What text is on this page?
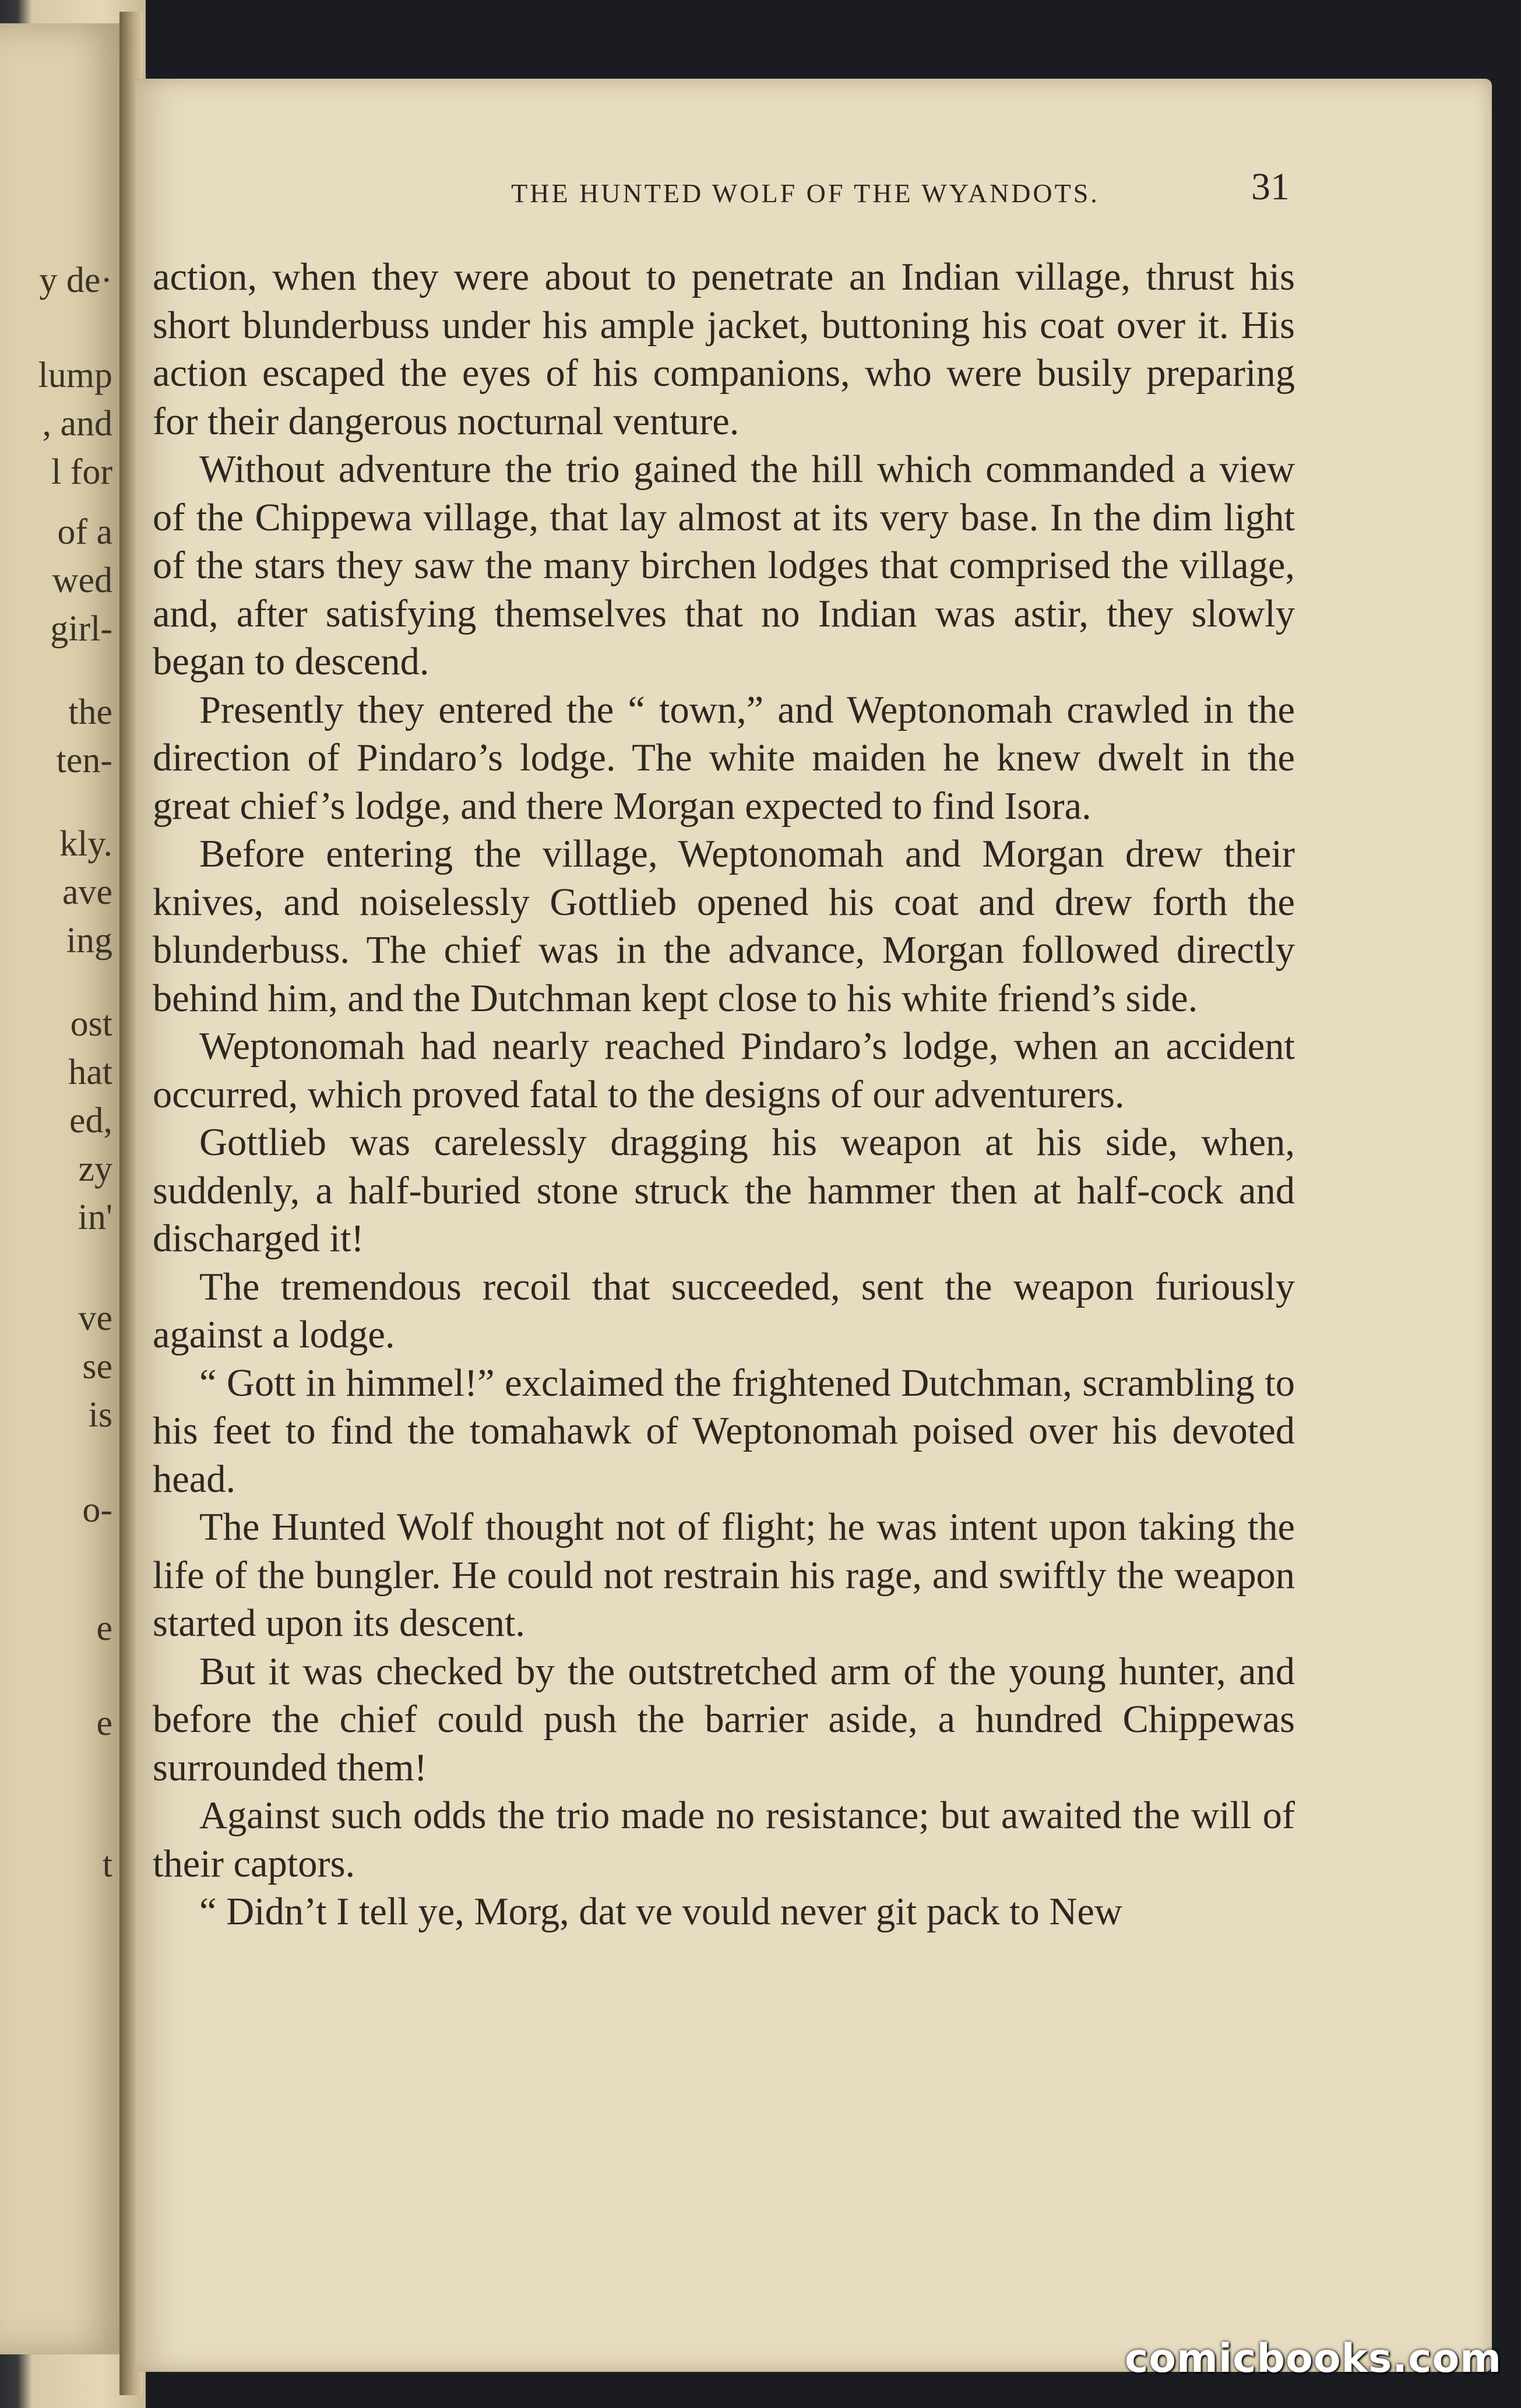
y de·
lump
, and
l for
of a
wed
girl-
the
ten-
kly.
ave
ing
ost
hat
ed,
zy
in'
ve
se
is
o-
e
e
t
THE HUNTED WOLF OF THE WYANDOTS.	31

action, when they were about to penetrate an Indian village, thrust his short blunderbuss under his ample jacket, buttoning his coat over it. His action escaped the eyes of his companions, who were busily preparing for their dangerous nocturnal venture.

Without adventure the trio gained the hill which commanded a view of the Chippewa village, that lay almost at its very base. In the dim light of the stars they saw the many birchen lodges that comprised the village, and, after satisfying themselves that no Indian was astir, they slowly began to descend.

Presently they entered the “ town,” and Weptonomah crawled in the direction of Pindaro’s lodge. The white maiden he knew dwelt in the great chief’s lodge, and there Morgan expected to find Isora.

Before entering the village, Weptonomah and Morgan drew their knives, and noiselessly Gottlieb opened his coat and drew forth the blunderbuss. The chief was in the advance, Morgan followed directly behind him, and the Dutchman kept close to his white friend’s side.

Weptonomah had nearly reached Pindaro’s lodge, when an accident occurred, which proved fatal to the designs of our adventurers.

Gottlieb was carelessly dragging his weapon at his side, when, suddenly, a half-buried stone struck the hammer then at half-cock and discharged it!

The tremendous recoil that succeeded, sent the weapon furiously against a lodge.

“ Gott in himmel!” exclaimed the frightened Dutchman, scrambling to his feet to find the tomahawk of Weptonomah poised over his devoted head.

The Hunted Wolf thought not of flight; he was intent upon taking the life of the bungler. He could not restrain his rage, and swiftly the weapon started upon its descent.

But it was checked by the outstretched arm of the young hunter, and before the chief could push the barrier aside, a hundred Chippewas surrounded them!

Against such odds the trio made no resistance; but awaited the will of their captors.

“ Didn’t I tell ye, Morg, dat ve vould never git pack to New

comicbooks.com
